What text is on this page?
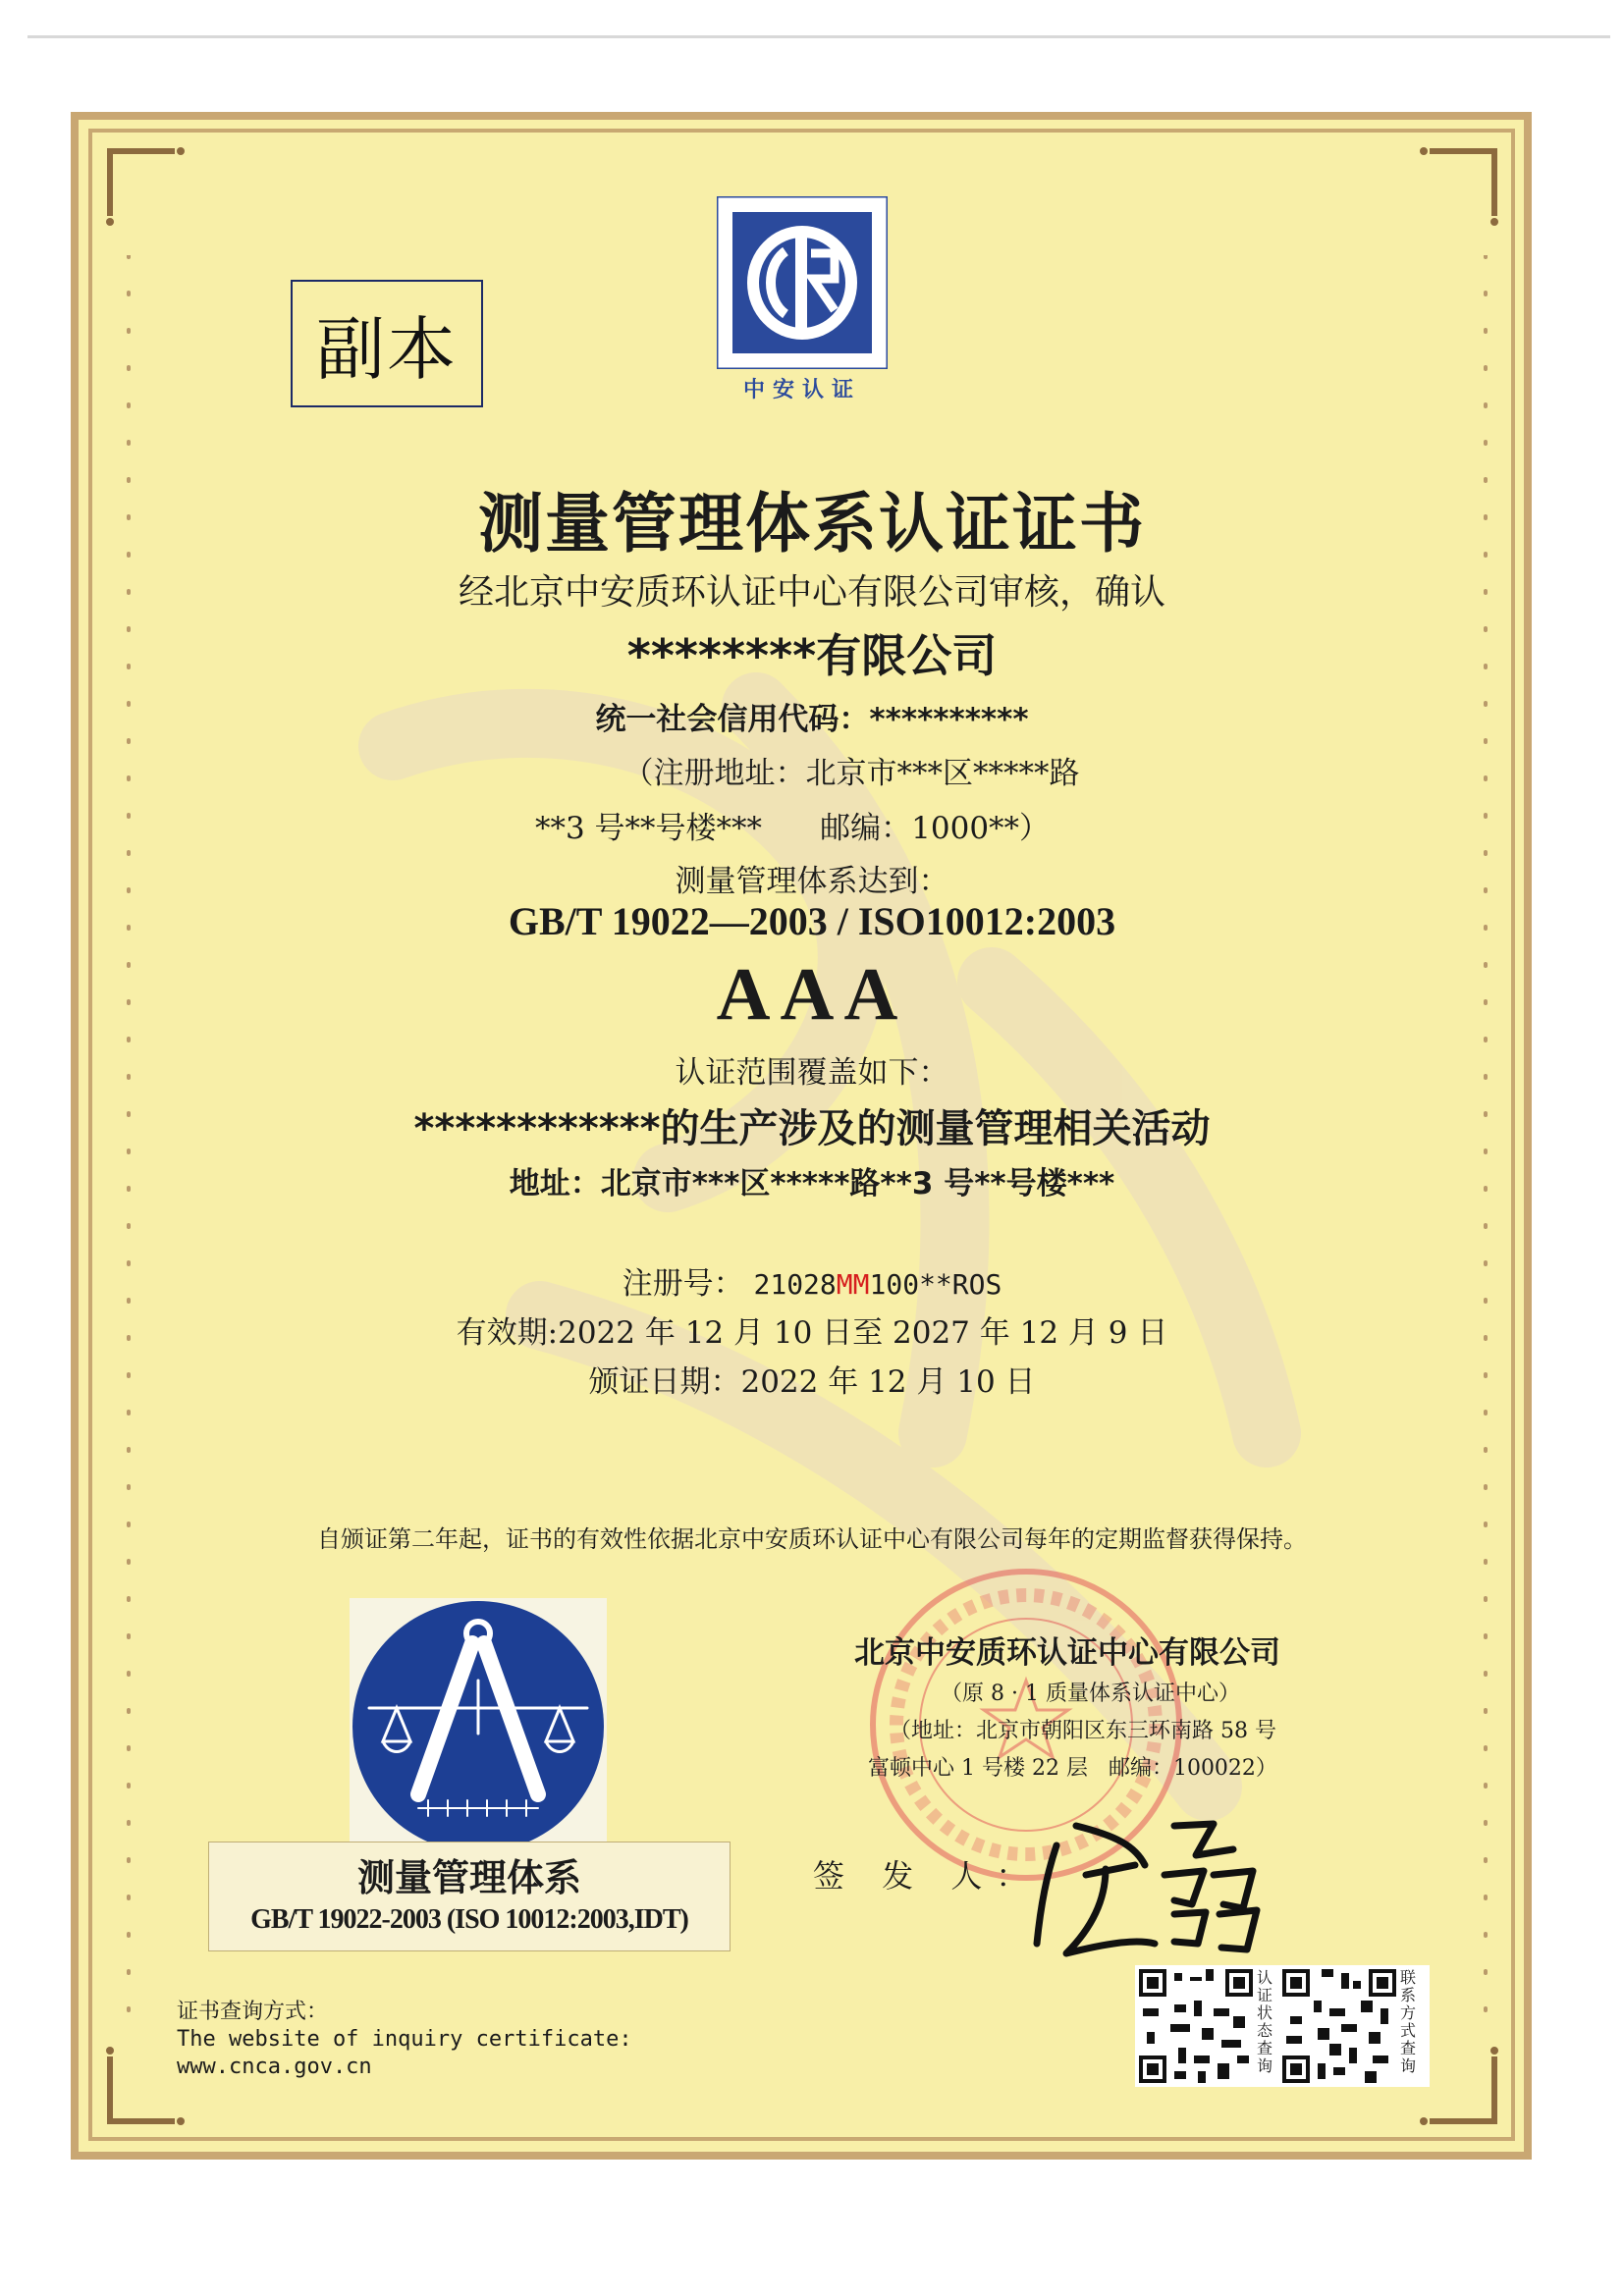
副本
中安认证
测量管理体系认证证书
经北京中安质环认证中心有限公司审核，确认
********有限公司
统一社会信用代码：**********
（注册地址：北京市***区*****路
**3 号**号楼***      邮编：1000**）
测量管理体系达到：
GB/T 19022—2003 / ISO10012:2003
AAA
认证范围覆盖如下：
************的生产涉及的测量管理相关活动
地址：北京市***区*****路**3 号**号楼***
注册号： 21028MM100**ROS
有效期:2022 年 12 月 10 日至 2027 年 12 月 9 日
颁证日期：2022 年 12 月 10 日
自颁证第二年起，证书的有效性依据北京中安质环认证中心有限公司每年的定期监督获得保持。
测量管理体系
GB/T 19022-2003 (ISO 10012:2003,IDT)
北京中安质环认证中心有限公司
（原 8 · 1 质量体系认证中心）
（地址：北京市朝阳区东三环南路 58 号
富顿中心 1 号楼 22 层   邮编：100022）
签 发 人：
证书查询方式：
The website of inquiry certificate:
www.cnca.gov.cn
认证状态查询
联系方式查询
